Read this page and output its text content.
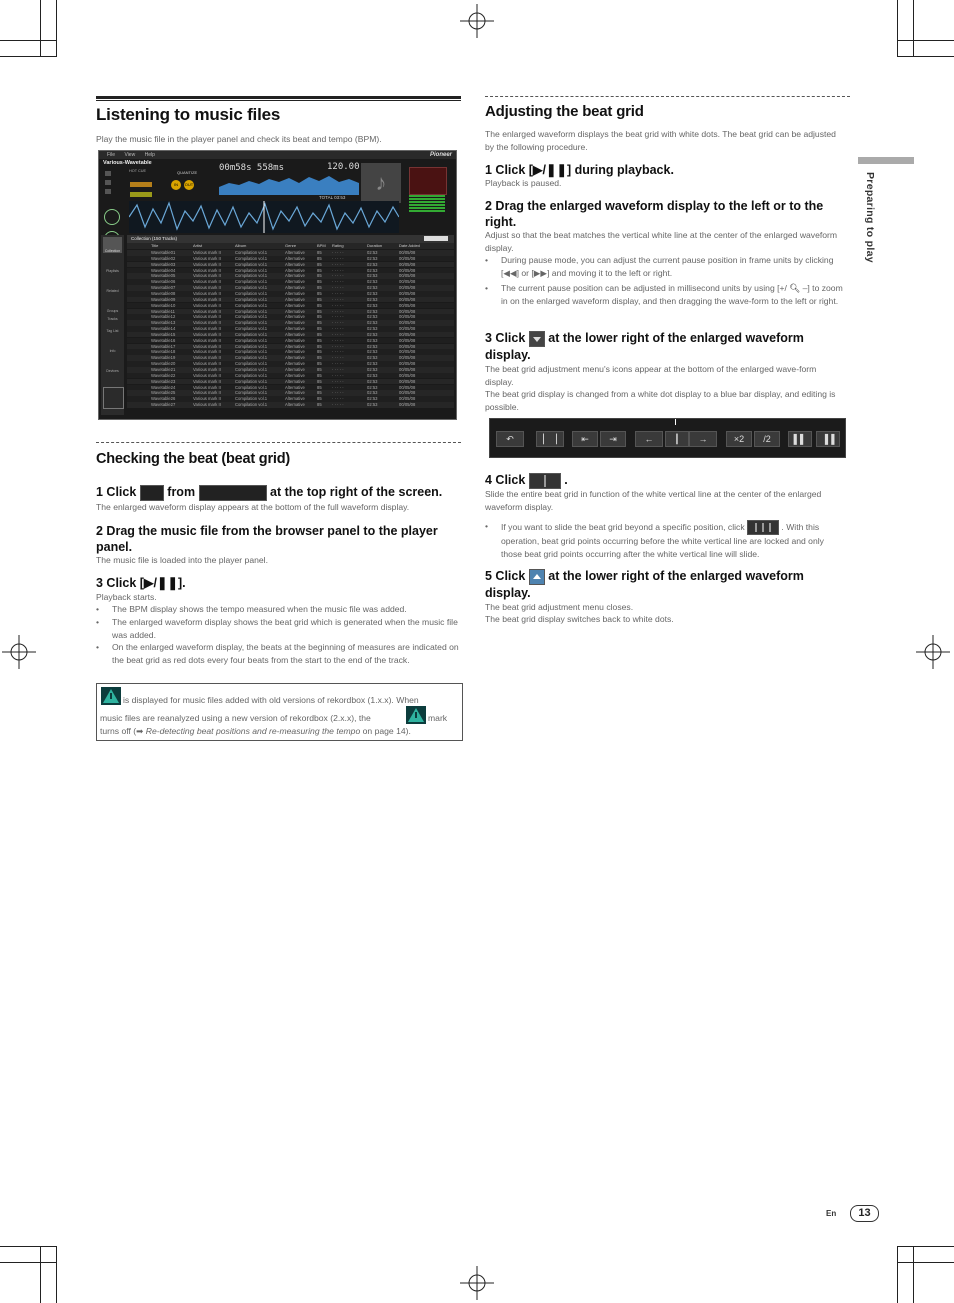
Listening to music files
Play the music file in the player panel and check its beat and tempo (BPM).
File View Help	Pioneer
Various-Wavetable
HOT CUE	QUANTIZE
IN	OUT
00m58s 558ms	120.00
TOTAL 03:53
♪
Collection
Playlists
Related Tracks
Groups
Tag List
Info
Devices
Collection (150 Tracks)
Title	Artist	Album	Genre	BPM Rating	Duration	Date Added
Wavetable01	Various mark II	Compilation vol.1	Alternative	85 · · · · ·	02:53	00/05/08
Wavetable02	Various mark II	Compilation vol.1	Alternative	85 · · · · ·	02:53	00/05/08
Wavetable03	Various mark II	Compilation vol.1	Alternative	85 · · · · ·	02:53	00/05/08
Wavetable04	Various mark II	Compilation vol.1	Alternative	85 · · · · ·	02:53	00/05/08
Wavetable05	Various mark II	Compilation vol.1	Alternative	85 · · · · ·	02:53	00/05/08
Wavetable06	Various mark II	Compilation vol.1	Alternative	85 · · · · ·	02:53	00/05/08
Wavetable07	Various mark II	Compilation vol.1	Alternative	85 · · · · ·	02:53	00/05/08
Wavetable08	Various mark II	Compilation vol.1	Alternative	85 · · · · ·	02:53	00/05/08
Wavetable09	Various mark II	Compilation vol.1	Alternative	85 · · · · ·	02:53	00/05/08
Wavetable10	Various mark II	Compilation vol.1	Alternative	85 · · · · ·	02:53	00/05/08
Wavetable11	Various mark II	Compilation vol.1	Alternative	85 · · · · ·	02:53	00/05/08
Wavetable12	Various mark II	Compilation vol.1	Alternative	85 · · · · ·	02:53	00/05/08
Wavetable13	Various mark II	Compilation vol.1	Alternative	85 · · · · ·	02:53	00/05/08
Wavetable14	Various mark II	Compilation vol.1	Alternative	85 · · · · ·	02:53	00/05/08
Wavetable15	Various mark II	Compilation vol.1	Alternative	85 · · · · ·	02:53	00/05/08
Wavetable16	Various mark II	Compilation vol.1	Alternative	85 · · · · ·	02:53	00/05/08
Wavetable17	Various mark II	Compilation vol.1	Alternative	85 · · · · ·	02:53	00/05/08
Wavetable18	Various mark II	Compilation vol.1	Alternative	85 · · · · ·	02:53	00/05/08
Wavetable19	Various mark II	Compilation vol.1	Alternative	85 · · · · ·	02:53	00/05/08
Wavetable20	Various mark II	Compilation vol.1	Alternative	85 · · · · ·	02:53	00/05/08
Wavetable21	Various mark II	Compilation vol.1	Alternative	85 · · · · ·	02:53	00/05/08
Wavetable22	Various mark II	Compilation vol.1	Alternative	85 · · · · ·	02:53	00/05/08
Wavetable23	Various mark II	Compilation vol.1	Alternative	85 · · · · ·	02:53	00/05/08
Wavetable24	Various mark II	Compilation vol.1	Alternative	85 · · · · ·	02:53	00/05/08
Wavetable25	Various mark II	Compilation vol.1	Alternative	85 · · · · ·	02:53	00/05/08
Wavetable26	Various mark II	Compilation vol.1	Alternative	85 · · · · ·	02:53	00/05/08
Wavetable27	Various mark II	Compilation vol.1	Alternative	85 · · · · ·	02:53	00/05/08
Checking the beat (beat grid)
1 Click from	at the top right of the screen.
The enlarged waveform display appears at the bottom of the full waveform display.
2 Drag the music file from the browser panel to the player panel.
The music file is loaded into the player panel.
3 Click [▶/❚❚].
Playback starts.
• The BPM display shows the tempo measured when the music file was added.
• The enlarged waveform display shows the beat grid which is generated when the music file was added.
• On the enlarged waveform display, the beats at the beginning of measures are indicated on the beat grid as red dots every four beats from the start to the end of the track.
is displayed for music files added with old versions of rekordbox (1.x.x). When
music files are reanalyzed using a new version of rekordbox (2.x.x), the	mark
turns off (➡ Re-detecting beat positions and re-measuring the tempo on page 14).
Adjusting the beat grid
The enlarged waveform displays the beat grid with white dots. The beat grid can be adjusted by the following procedure.
1 Click [▶/❚❚] during playback.
Playback is paused.
2 Drag the enlarged waveform display to the left or to the right.
Adjust so that the beat matches the vertical white line at the center of the enlarged waveform display.
• During pause mode, you can adjust the current pause position in frame units by clicking [◀◀] or [▶▶] and moving it to the left or right.
• The current pause position can be adjusted in millisecond units by using [+/ 🔍︎ –] to zoom in on the enlarged waveform display, and then dragging the wave-form to the left or right.
3 Click at the lower right of the enlarged waveform
display.
The beat grid adjustment menu's icons appear at the bottom of the enlarged wave-form display.
The beat grid display is changed from a white dot display to a blue bar display, and editing is possible.
↶	▏▕	⇤	⇥	←	┃	→	×2	/2	▌▌	▐▐
4 Click	.
Slide the entire beat grid in function of the white vertical line at the center of the enlarged waveform display.
• If you want to slide the beat grid beyond a specific position, click	. With this operation, beat grid points occurring before the white vertical line are locked and only those beat grid points occurring after the white vertical line will slide.
5 Click at the lower right of the enlarged waveform
display.
The beat grid adjustment menu closes.
The beat grid display switches back to white dots.
Preparing to play
En	13
